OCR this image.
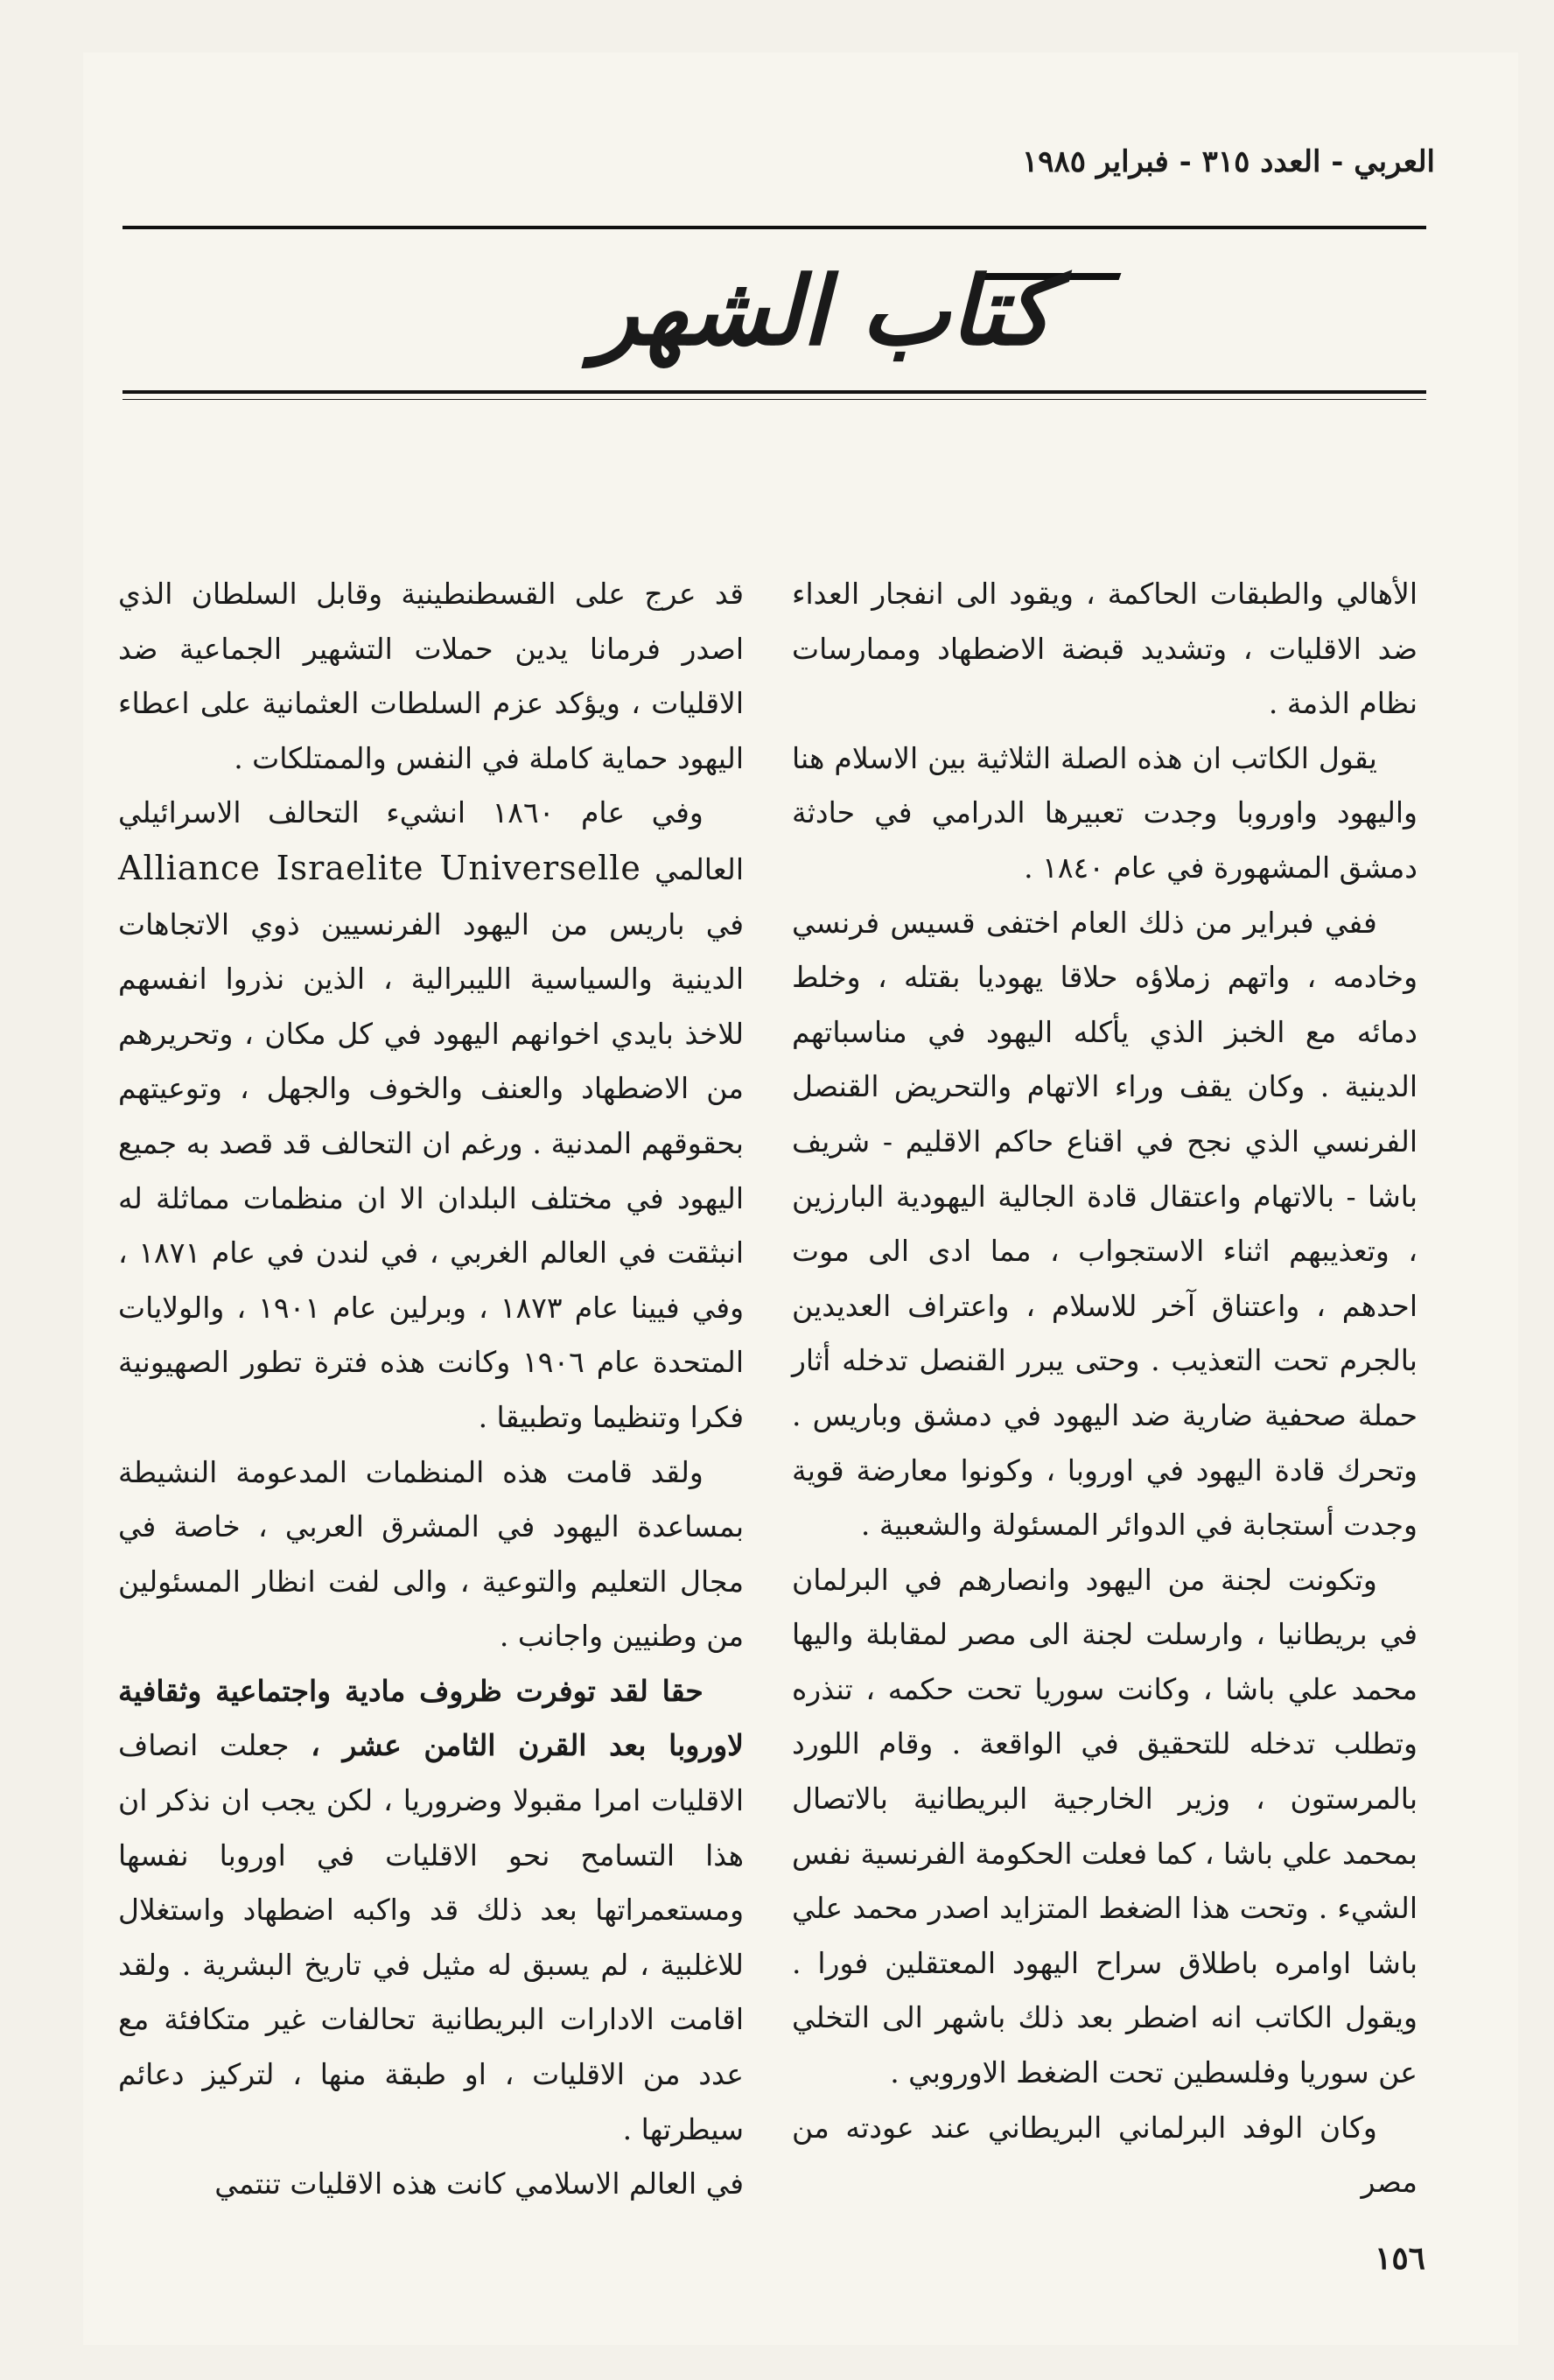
العربي - العدد ٣١٥ - فبراير ١٩٨٥
كتاب الشهر

الأهالي والطبقات الحاكمة ، ويقود الى انفجار العداء ضد الاقليات ، وتشديد قبضة الاضطهاد وممارسات نظام الذمة .

يقول الكاتب ان هذه الصلة الثلاثية بين الاسلام هنا واليهود واوروبا وجدت تعبيرها الدرامي في حادثة دمشق المشهورة في عام ١٨٤٠ .

ففي فبراير من ذلك العام اختفى قسيس فرنسي وخادمه ، واتهم زملاؤه حلاقا يهوديا بقتله ، وخلط دمائه مع الخبز الذي يأكله اليهود في مناسباتهم الدينية . وكان يقف وراء الاتهام والتحريض القنصل الفرنسي الذي نجح في اقناع حاكم الاقليم - شريف باشا - بالاتهام واعتقال قادة الجالية اليهودية البارزين ، وتعذيبهم اثناء الاستجواب ، مما ادى الى موت احدهم ، واعتناق آخر للاسلام ، واعتراف العديدين بالجرم تحت التعذيب . وحتى يبرر القنصل تدخله أثار حملة صحفية ضارية ضد اليهود في دمشق وباريس . وتحرك قادة اليهود في اوروبا ، وكونوا معارضة قوية وجدت أستجابة في الدوائر المسئولة والشعبية .

وتكونت لجنة من اليهود وانصارهم في البرلمان في بريطانيا ، وارسلت لجنة الى مصر لمقابلة واليها محمد علي باشا ، وكانت سوريا تحت حكمه ، تنذره وتطلب تدخله للتحقيق في الواقعة . وقام اللورد بالمرستون ، وزير الخارجية البريطانية بالاتصال بمحمد علي باشا ، كما فعلت الحكومة الفرنسية نفس الشيء . وتحت هذا الضغط المتزايد اصدر محمد علي باشا اوامره باطلاق سراح اليهود المعتقلين فورا . ويقول الكاتب انه اضطر بعد ذلك باشهر الى التخلي عن سوريا وفلسطين تحت الضغط الاوروبي .

وكان الوفد البرلماني البريطاني عند عودته من مصر

قد عرج على القسطنطينية وقابل السلطان الذي اصدر فرمانا يدين حملات التشهير الجماعية ضد الاقليات ، ويؤكد عزم السلطات العثمانية على اعطاء اليهود حماية كاملة في النفس والممتلكات .

وفي عام ١٨٦٠ انشيء التحالف الاسرائيلي العالمي Alliance Israelite Universelle في باريس من اليهود الفرنسيين ذوي الاتجاهات الدينية والسياسية الليبرالية ، الذين نذروا انفسهم للاخذ بايدي اخوانهم اليهود في كل مكان ، وتحريرهم من الاضطهاد والعنف والخوف والجهل ، وتوعيتهم بحقوقهم المدنية . ورغم ان التحالف قد قصد به جميع اليهود في مختلف البلدان الا ان منظمات مماثلة له انبثقت في العالم الغربي ، في لندن في عام ١٨٧١ ، وفي فيينا عام ١٨٧٣ ، وبرلين عام ١٩٠١ ، والولايات المتحدة عام ١٩٠٦ وكانت هذه فترة تطور الصهيونية فكرا وتنظيما وتطبيقا .

ولقد قامت هذه المنظمات المدعومة النشيطة بمساعدة اليهود في المشرق العربي ، خاصة في مجال التعليم والتوعية ، والى لفت انظار المسئولين من وطنيين واجانب .

حقا لقد توفرت ظروف مادية واجتماعية وثقافية لاوروبا بعد القرن الثامن عشر ، جعلت انصاف الاقليات امرا مقبولا وضروريا ، لكن يجب ان نذكر ان هذا التسامح نحو الاقليات في اوروبا نفسها ومستعمراتها بعد ذلك قد واكبه اضطهاد واستغلال للاغلبية ، لم يسبق له مثيل في تاريخ البشرية . ولقد اقامت الادارات البريطانية تحالفات غير متكافئة مع عدد من الاقليات ، او طبقة منها ، لتركيز دعائم سيطرتها .

في العالم الاسلامي كانت هذه الاقليات تنتمي

١٥٦
